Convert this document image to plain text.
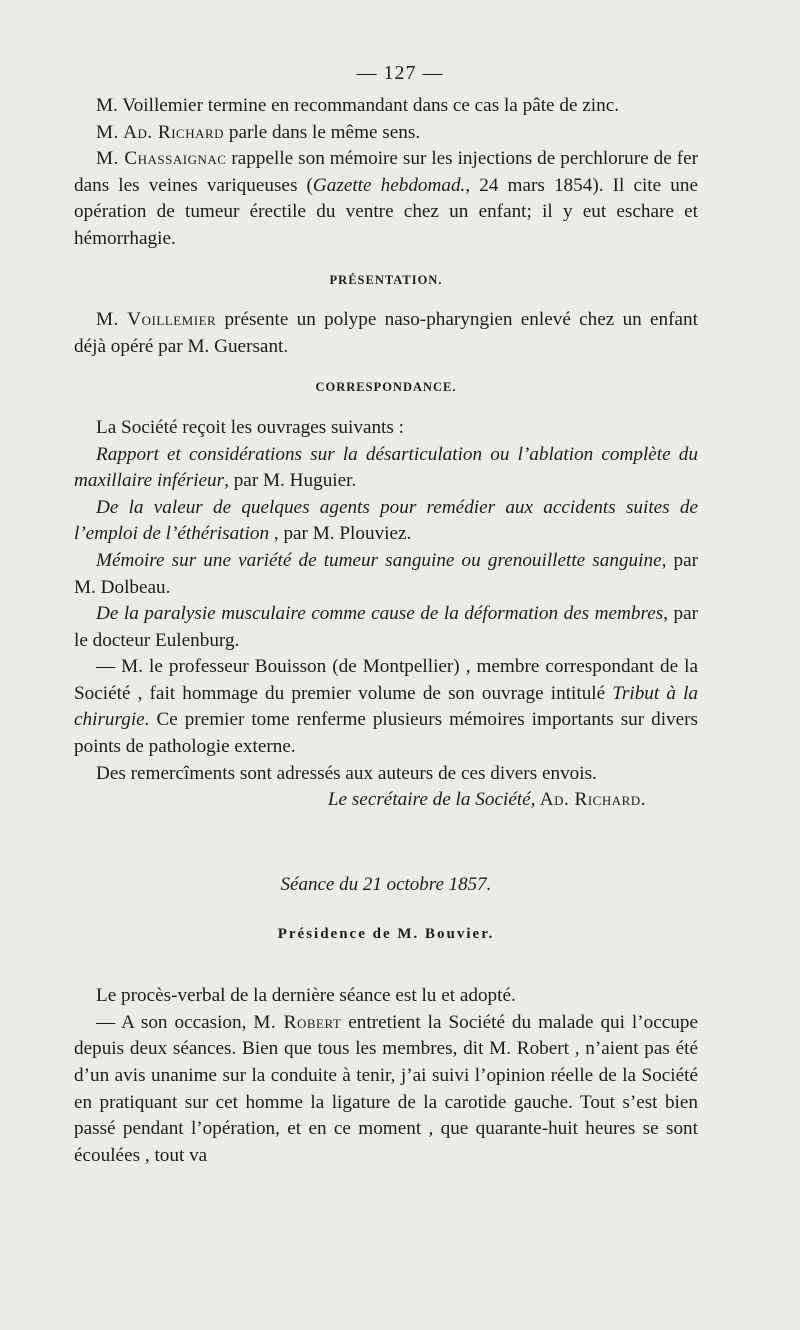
— 127 —

M. Voillemier termine en recommandant dans ce cas la pâte de zinc.

M. Ad. Richard parle dans le même sens.

M. Chassaignac rappelle son mémoire sur les injections de perchlorure de fer dans les veines variqueuses (Gazette hebdomad., 24 mars 1854). Il cite une opération de tumeur érectile du ventre chez un enfant; il y eut eschare et hémorrhagie.

PRÉSENTATION.

M. Voillemier présente un polype naso-pharyngien enlevé chez un enfant déjà opéré par M. Guersant.

CORRESPONDANCE.

La Société reçoit les ouvrages suivants :

Rapport et considérations sur la désarticulation ou l’ablation complète du maxillaire inférieur, par M. Huguier.

De la valeur de quelques agents pour remédier aux accidents suites de l’emploi de l’éthérisation , par M. Plouviez.

Mémoire sur une variété de tumeur sanguine ou grenouillette sanguine, par M. Dolbeau.

De la paralysie musculaire comme cause de la déformation des membres, par le docteur Eulenburg.

— M. le professeur Bouisson (de Montpellier) , membre correspondant de la Société , fait hommage du premier volume de son ouvrage intitulé Tribut à la chirurgie. Ce premier tome renferme plusieurs mémoires importants sur divers points de pathologie externe.

Des remercîments sont adressés aux auteurs de ces divers envois.

Le secrétaire de la Société, Ad. Richard.

Séance du 21 octobre 1857.

Présidence de M. Bouvier.

Le procès-verbal de la dernière séance est lu et adopté.

— A son occasion, M. Robert entretient la Société du malade qui l’occupe depuis deux séances. Bien que tous les membres, dit M. Robert , n’aient pas été d’un avis unanime sur la conduite à tenir, j’ai suivi l’opinion réelle de la Société en pratiquant sur cet homme la ligature de la carotide gauche. Tout s’est bien passé pendant l’opération, et en ce moment , que quarante-huit heures se sont écoulées , tout va
